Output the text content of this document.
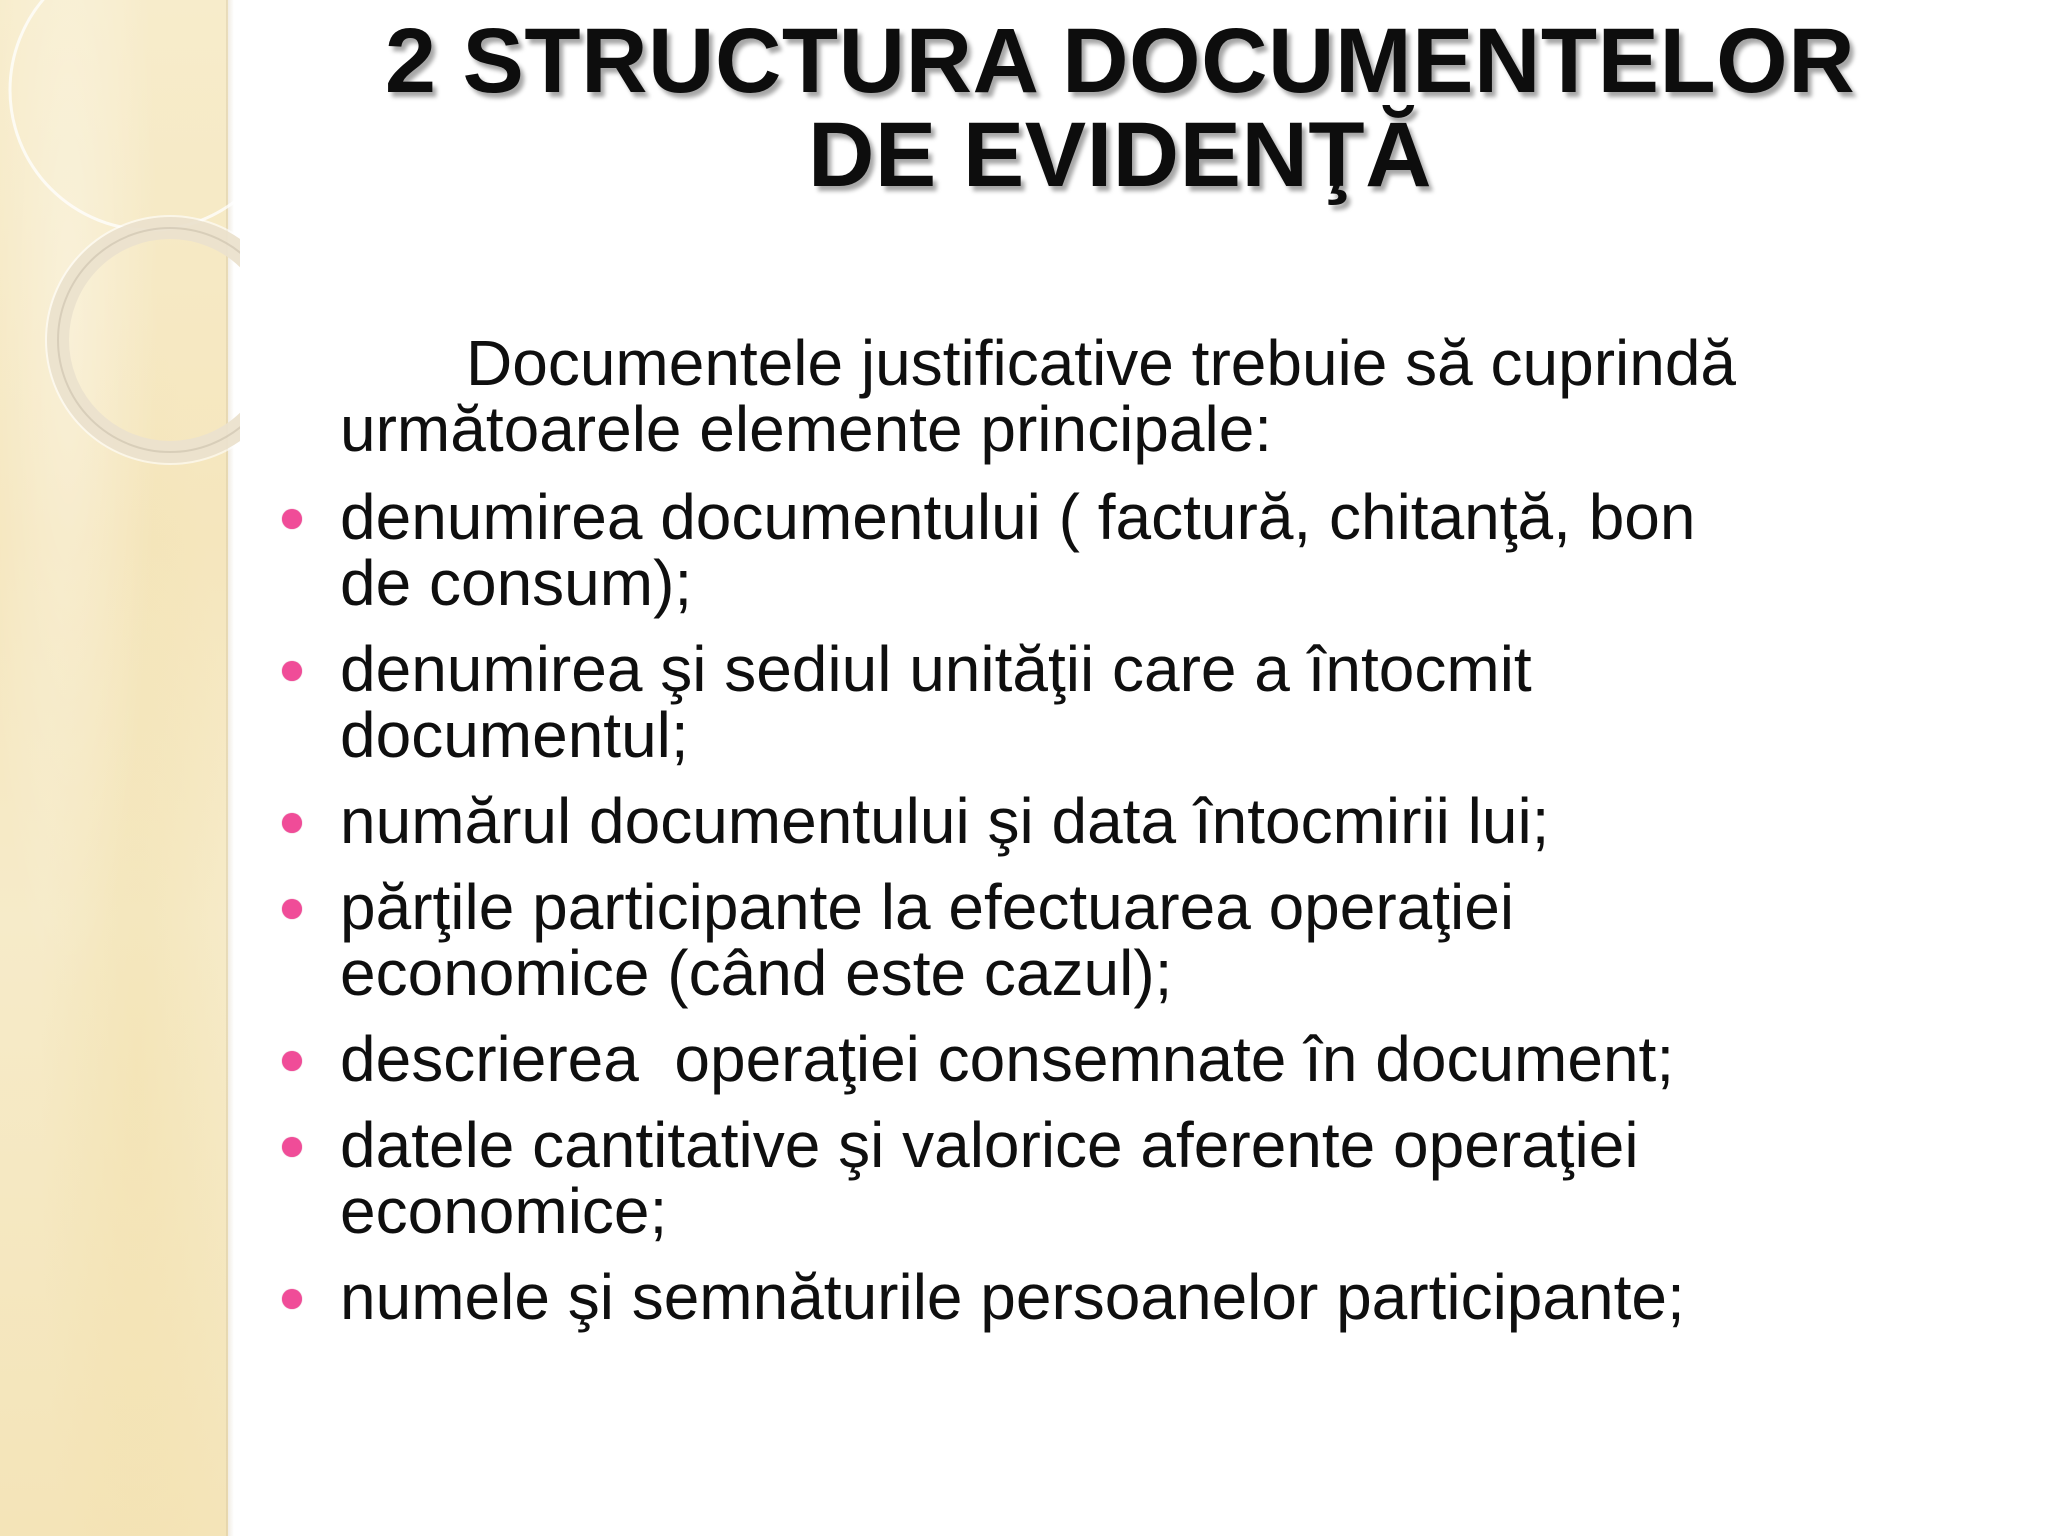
2 STRUCTURA DOCUMENTELOR
DE EVIDENŢĂ

Documentele justificative trebuie să cuprindă
următoarele elemente principale:

denumirea documentului ( factură, chitanţă, bon
de consum);
denumirea şi sediul unităţii care a întocmit
documentul;
numărul documentului şi data întocmirii lui;
părţile participante la efectuarea operaţiei
economice (când este cazul);
descrierea  operaţiei consemnate în document;
datele cantitative şi valorice aferente operaţiei
economice;
numele şi semnăturile persoanelor participante;
